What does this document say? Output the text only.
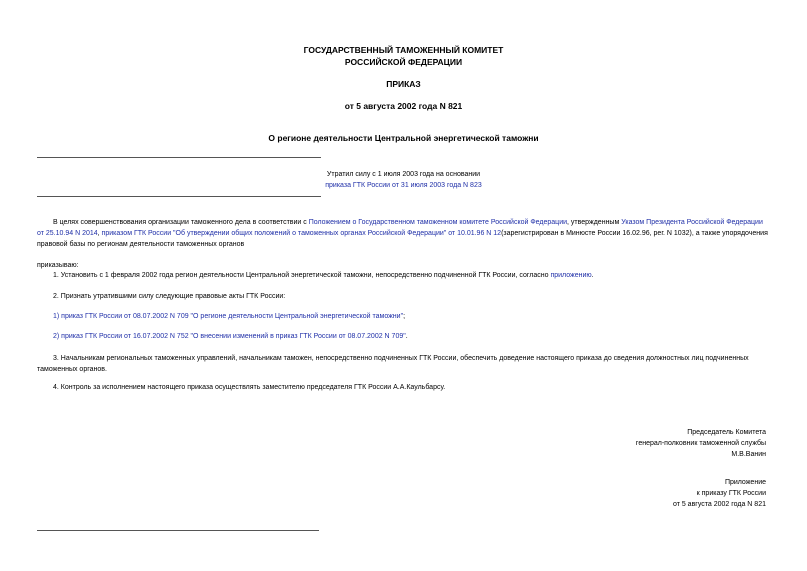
ГОСУДАРСТВЕННЫЙ ТАМОЖЕННЫЙ КОМИТЕТ
РОССИЙСКОЙ ФЕДЕРАЦИИ
ПРИКАЗ
от 5 августа 2002 года N 821
О регионе деятельности Центральной энергетической таможни
Утратил силу с 1 июля 2003 года на основании
приказа ГТК России от 31 июля 2003 года N 823
В целях совершенствования организации таможенного дела в соответствии с Положением о Государственном таможенном комитете Российской Федерации, утвержденным Указом Президента Российской Федерации от 25.10.94 N 2014, приказом ГТК России "Об утверждении общих положений о таможенных органах Российской Федерации" от 10.01.96 N 12(зарегистрирован в Минюсте России 16.02.96, рег. N 1032), а также упорядочения правовой базы по регионам деятельности таможенных органов
приказываю:
1. Установить с 1 февраля 2002 года регион деятельности Центральной энергетической таможни, непосредственно подчиненной ГТК России, согласно приложению.
2. Признать утратившими силу следующие правовые акты ГТК России:
1) приказ ГТК России от 08.07.2002 N 709 "О регионе деятельности Центральной энергетической таможни";
2) приказ ГТК России от 16.07.2002 N 752 "О внесении изменений в приказ ГТК России от 08.07.2002 N 709".
3. Начальникам региональных таможенных управлений, начальникам таможен, непосредственно подчиненных ГТК России, обеспечить доведение настоящего приказа до сведения должностных лиц подчиненных таможенных органов.
4. Контроль за исполнением настоящего приказа осуществлять заместителю председателя ГТК России А.А.Каульбарсу.
Председатель Комитета
генерал-полковник таможенной службы
М.В.Ванин
Приложение
к приказу ГТК России
от 5 августа 2002 года N 821
